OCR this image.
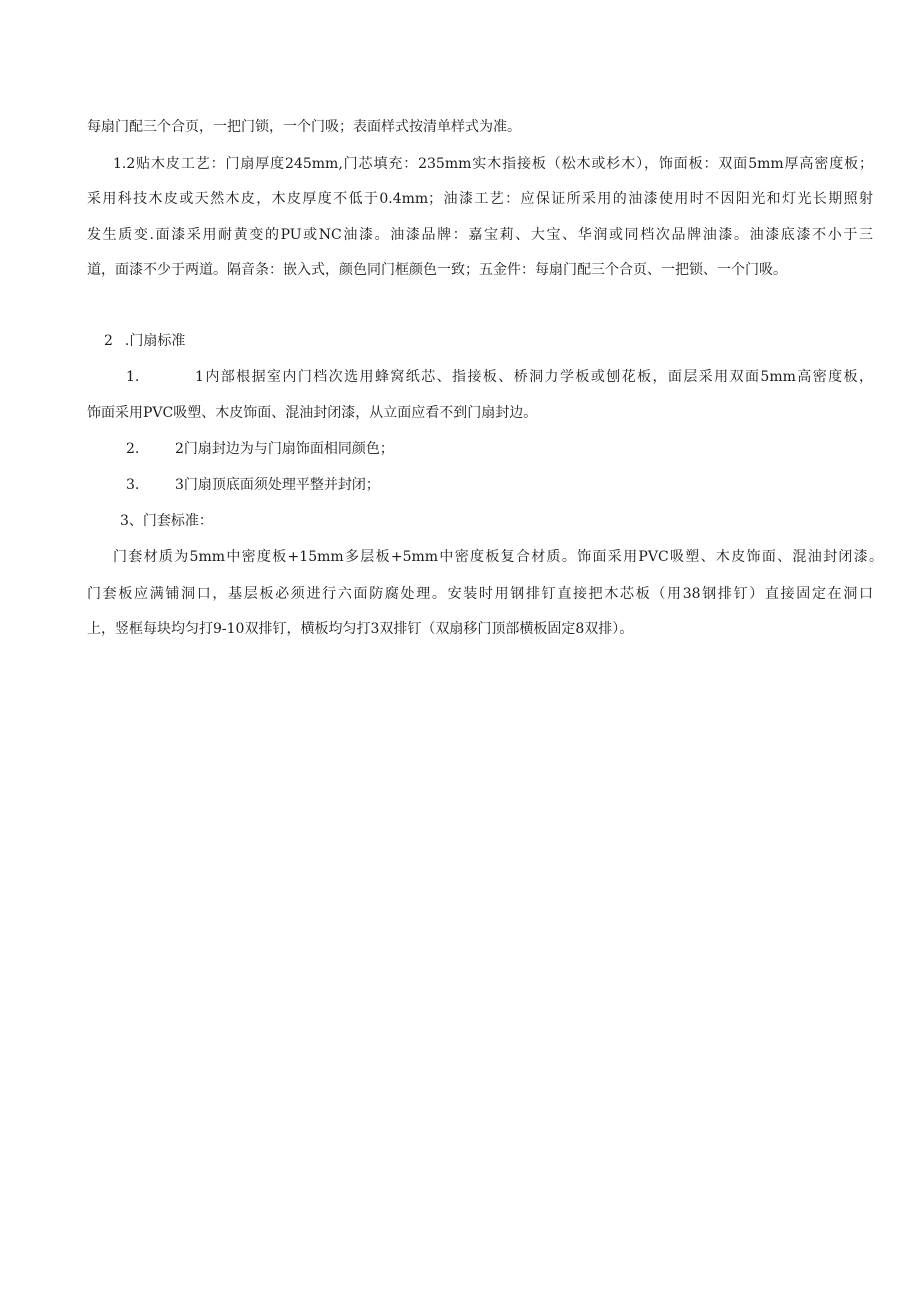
每扇门配三个合页，一把门锁，一个门吸；表面样式按清单样式为准。
1.2贴木皮工艺：门扇厚度245mm,门芯填充：235mm实木指接板（松木或杉木），饰面板：双面5mm厚高密度板；
采用科技木皮或天然木皮，木皮厚度不低于0.4mm；油漆工艺：应保证所采用的油漆使用时不因阳光和灯光长期照射
发生质变.面漆采用耐黄变的PU或NC油漆。油漆品牌：嘉宝莉、大宝、华润或同档次品牌油漆。油漆底漆不小于三
道，面漆不少于两道。隔音条：嵌入式，颜色同门框颜色一致；五金件：每扇门配三个合页、一把锁、一个门吸。
2 .门扇标准
1.	1内部根据室内门档次选用蜂窝纸芯、指接板、桥洞力学板或刨花板，面层采用双面5mm高密度板，
饰面采用PVC吸塑、木皮饰面、混油封闭漆，从立面应看不到门扇封边。
2.	2门扇封边为与门扇饰面相同颜色；
3.	3门扇顶底面须处理平整并封闭；
3、门套标准：
门套材质为5mm中密度板+15mm多层板+5mm中密度板复合材质。饰面采用PVC吸塑、木皮饰面、混油封闭漆。
门套板应满铺洞口，基层板必须进行六面防腐处理。安装时用钢排钉直接把木芯板（用38钢排钉）直接固定在洞口
上，竖框每块均匀打9-10双排钉，横板均匀打3双排钉（双扇移门顶部横板固定8双排）。
